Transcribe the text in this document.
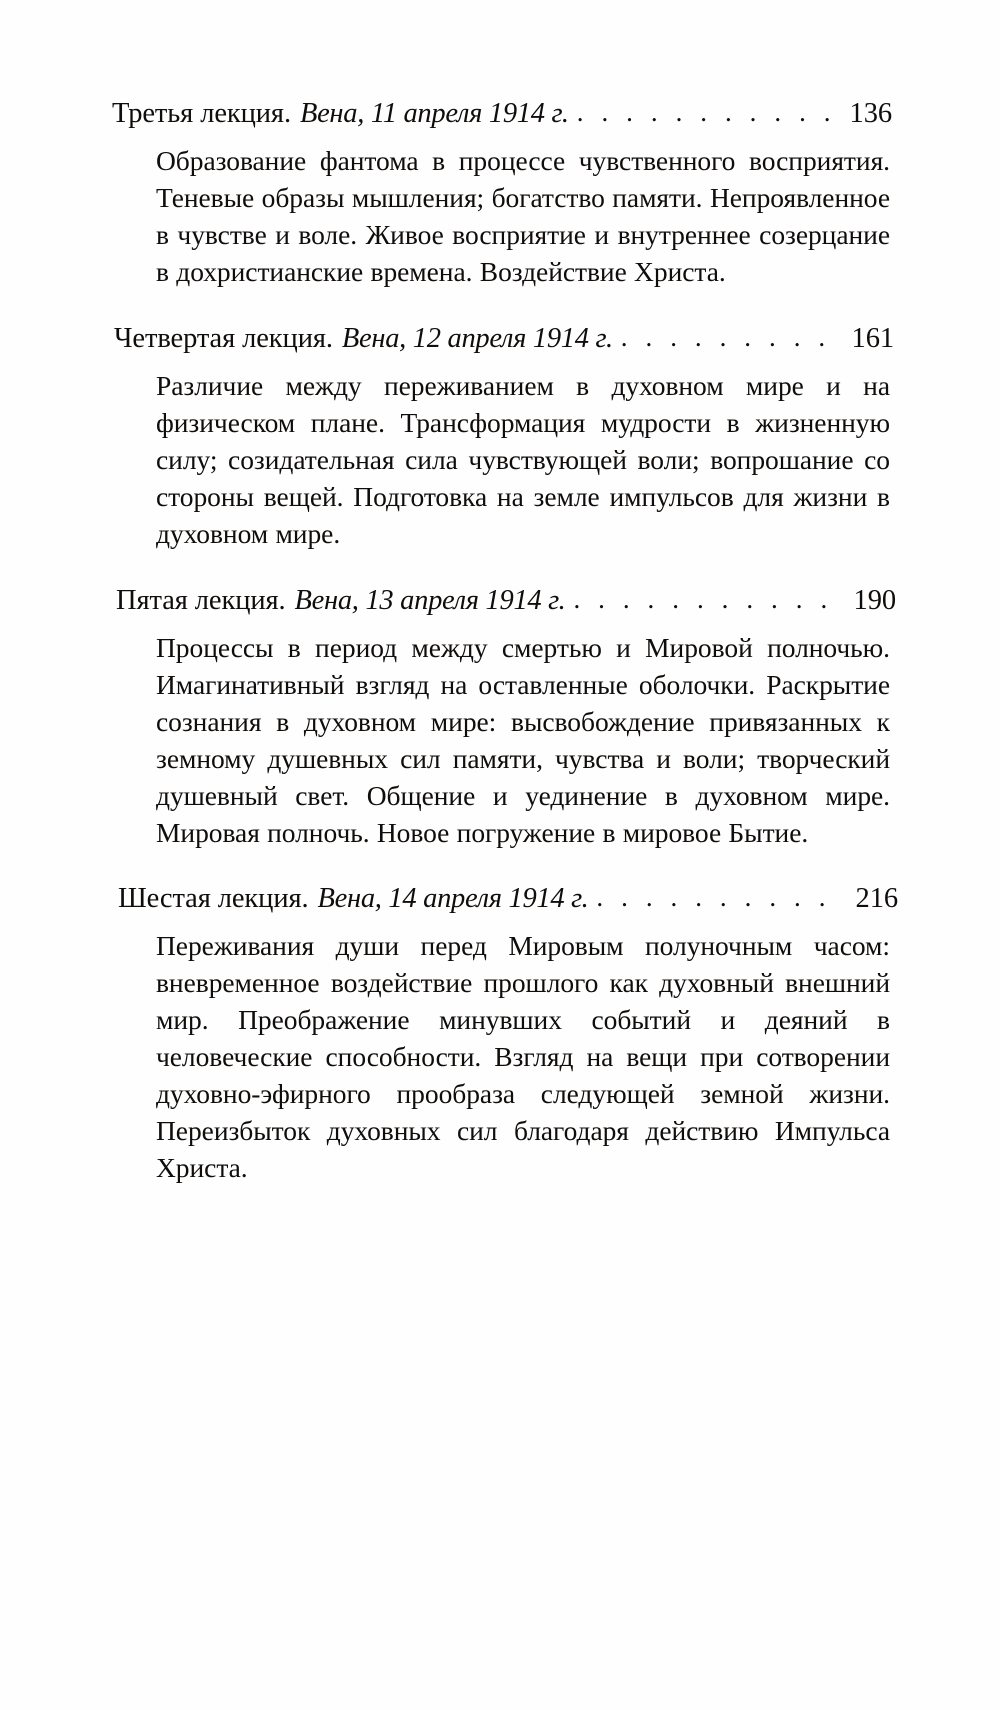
Третья лекция. Вена, 11 апреля 1914 г. . . .	136

Образование фантома в процессе чувственного восприятия. Теневые образы мышления; богатство памяти. Непроявленное в чувстве и воле. Живое восприятие и внутреннее созерцание в дохристианские времена. Воздействие Христа.

Четвертая лекция. Вена, 12 апреля 1914 г. . . .	161

Различие между переживанием в духовном мире и на физическом плане. Трансформация мудрости в жизненную силу; созидательная сила чувствующей воли; вопрошание со стороны вещей. Подготовка на земле импульсов для жизни в духовном мире.

Пятая лекция. Вена, 13 апреля 1914 г. . . .	190

Процессы в период между смертью и Мировой полночью. Имагинативный взгляд на оставленные оболочки. Раскрытие сознания в духовном мире: высвобождение привязанных к земному душевных сил памяти, чувства и воли; творческий душевный свет. Общение и уединение в духовном мире. Мировая полночь. Новое погружение в мировое Бытие.

Шестая лекция. Вена, 14 апреля 1914 г. . . .	216

Переживания души перед Мировым полуночным часом: вневременное воздействие прошлого как духовный внешний мир. Преображение минувших событий и деяний в человеческие способности. Взгляд на вещи при сотворении духовно-эфирного прообраза следующей земной жизни. Переизбыток духовных сил благодаря действию Импульса Христа.
